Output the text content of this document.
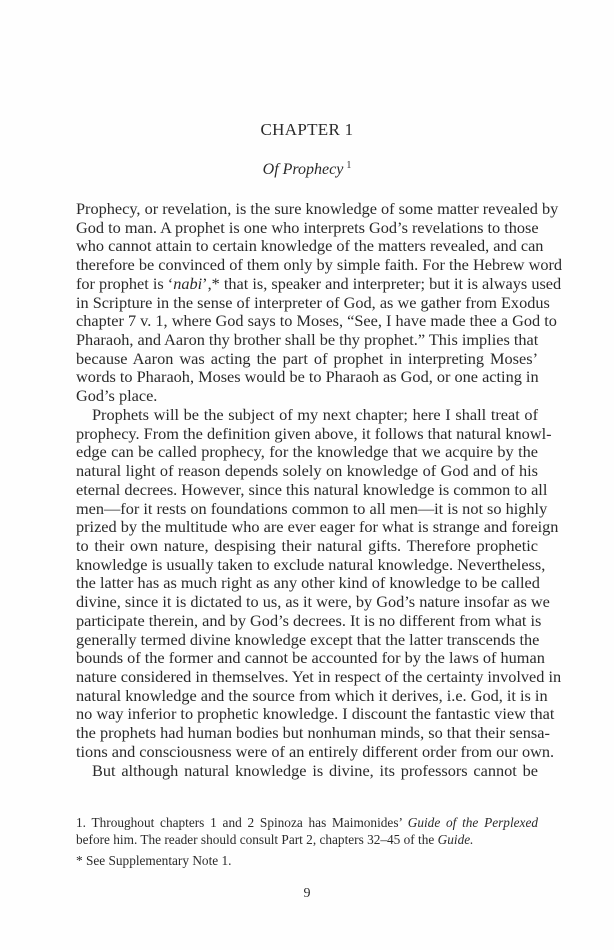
CHAPTER 1
Of Prophecy $^1$
Prophecy, or revelation, is the sure knowledge of some matter revealed by
God to man. A prophet is one who interprets God’s revelations to those
who cannot attain to certain knowledge of the matters revealed, and can
therefore be convinced of them only by simple faith. For the Hebrew word
for prophet is ‘nabi’,* that is, speaker and interpreter; but it is always used
in Scripture in the sense of interpreter of God, as we gather from Exodus
chapter 7 v. 1, where God says to Moses, “See, I have made thee a God to
Pharaoh, and Aaron thy brother shall be thy prophet.” This implies that
because Aaron was acting the part of prophet in interpreting Moses’
words to Pharaoh, Moses would be to Pharaoh as God, or one acting in
God’s place.
Prophets will be the subject of my next chapter; here I shall treat of
prophecy. From the definition given above, it follows that natural knowl-
edge can be called prophecy, for the knowledge that we acquire by the
natural light of reason depends solely on knowledge of God and of his
eternal decrees. However, since this natural knowledge is common to all
men—for it rests on foundations common to all men—it is not so highly
prized by the multitude who are ever eager for what is strange and foreign
to their own nature, despising their natural gifts. Therefore prophetic
knowledge is usually taken to exclude natural knowledge. Nevertheless,
the latter has as much right as any other kind of knowledge to be called
divine, since it is dictated to us, as it were, by God’s nature insofar as we
participate therein, and by God’s decrees. It is no different from what is
generally termed divine knowledge except that the latter transcends the
bounds of the former and cannot be accounted for by the laws of human
nature considered in themselves. Yet in respect of the certainty involved in
natural knowledge and the source from which it derives, i.e. God, it is in
no way inferior to prophetic knowledge. I discount the fantastic view that
the prophets had human bodies but nonhuman minds, so that their sensa-
tions and consciousness were of an entirely different order from our own.
But although natural knowledge is divine, its professors cannot be
1. Throughout chapters 1 and 2 Spinoza has Maimonides’ Guide of the Perplexed
before him. The reader should consult Part 2, chapters 32–45 of the Guide.
* See Supplementary Note 1.
9
